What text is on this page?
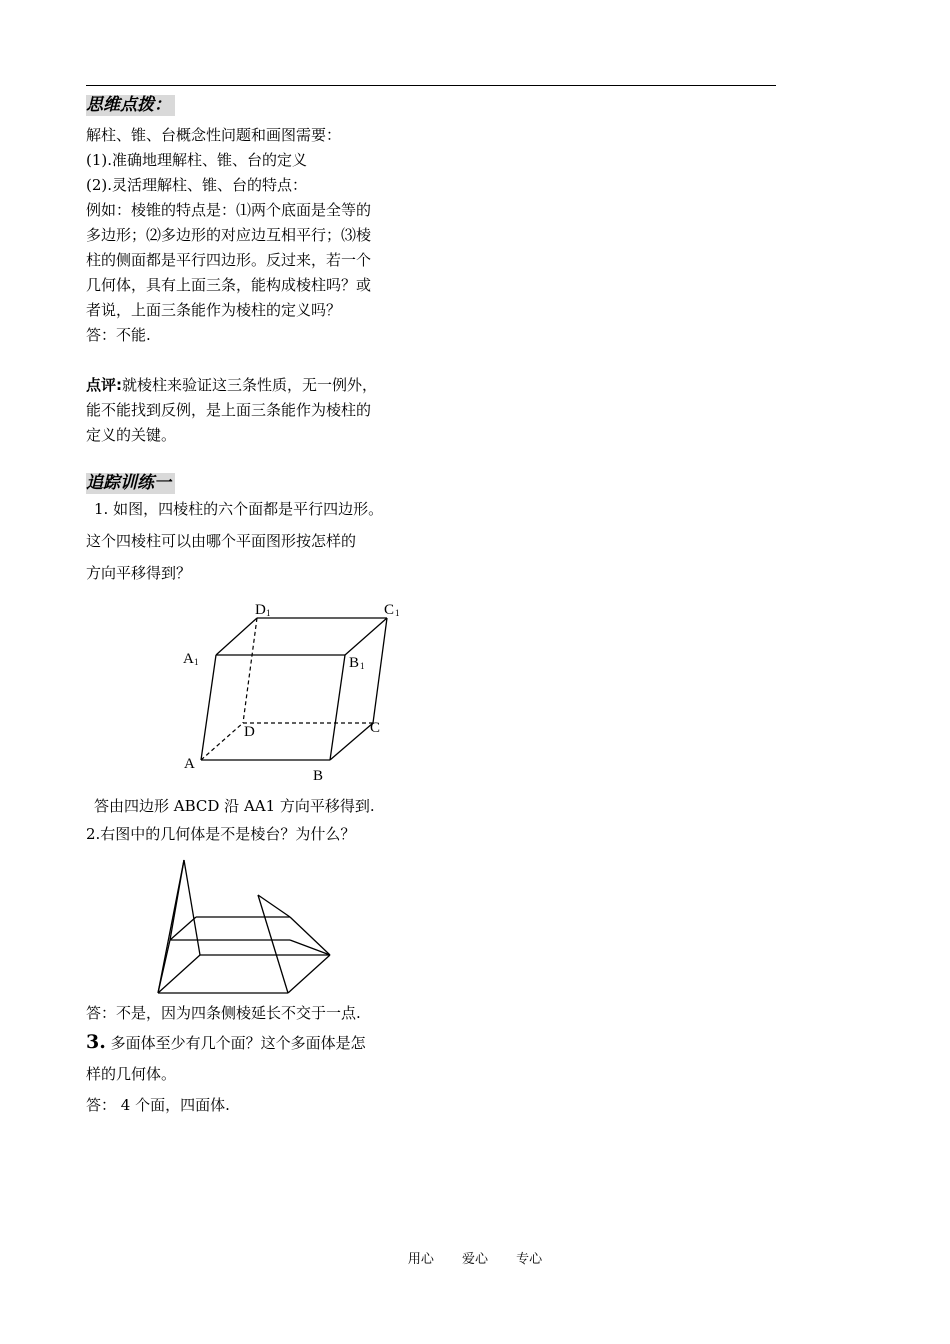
思维点拨：
解柱、锥、台概念性问题和画图需要：
(1).准确地理解柱、锥、台的定义
(2).灵活理解柱、锥、台的特点：
例如：棱锥的特点是：⑴两个底面是全等的
多边形；⑵多边形的对应边互相平行；⑶棱
柱的侧面都是平行四边形。反过来，若一个
几何体，具有上面三条，能构成棱柱吗？或
者说，上面三条能作为棱柱的定义吗？
答：不能.
点评:就棱柱来验证这三条性质，无一例外，
能不能找到反例，是上面三条能作为棱柱的
定义的关键。
追踪训练一
1. 如图，四棱柱的六个面都是平行四边形。
这个四棱柱可以由哪个平面图形按怎样的
方向平移得到？
A
B
C
D
A 1	B 1
C 1
D 1
答由四边形 ABCD 沿 AA1 方向平移得到.
2.右图中的几何体是不是棱台？为什么？
答：不是，因为四条侧棱延长不交于一点.
3. 多面体至少有几个面？这个多面体是怎
样的几何体。
答： 4 个面，四面体.
用心 爱心 专心
